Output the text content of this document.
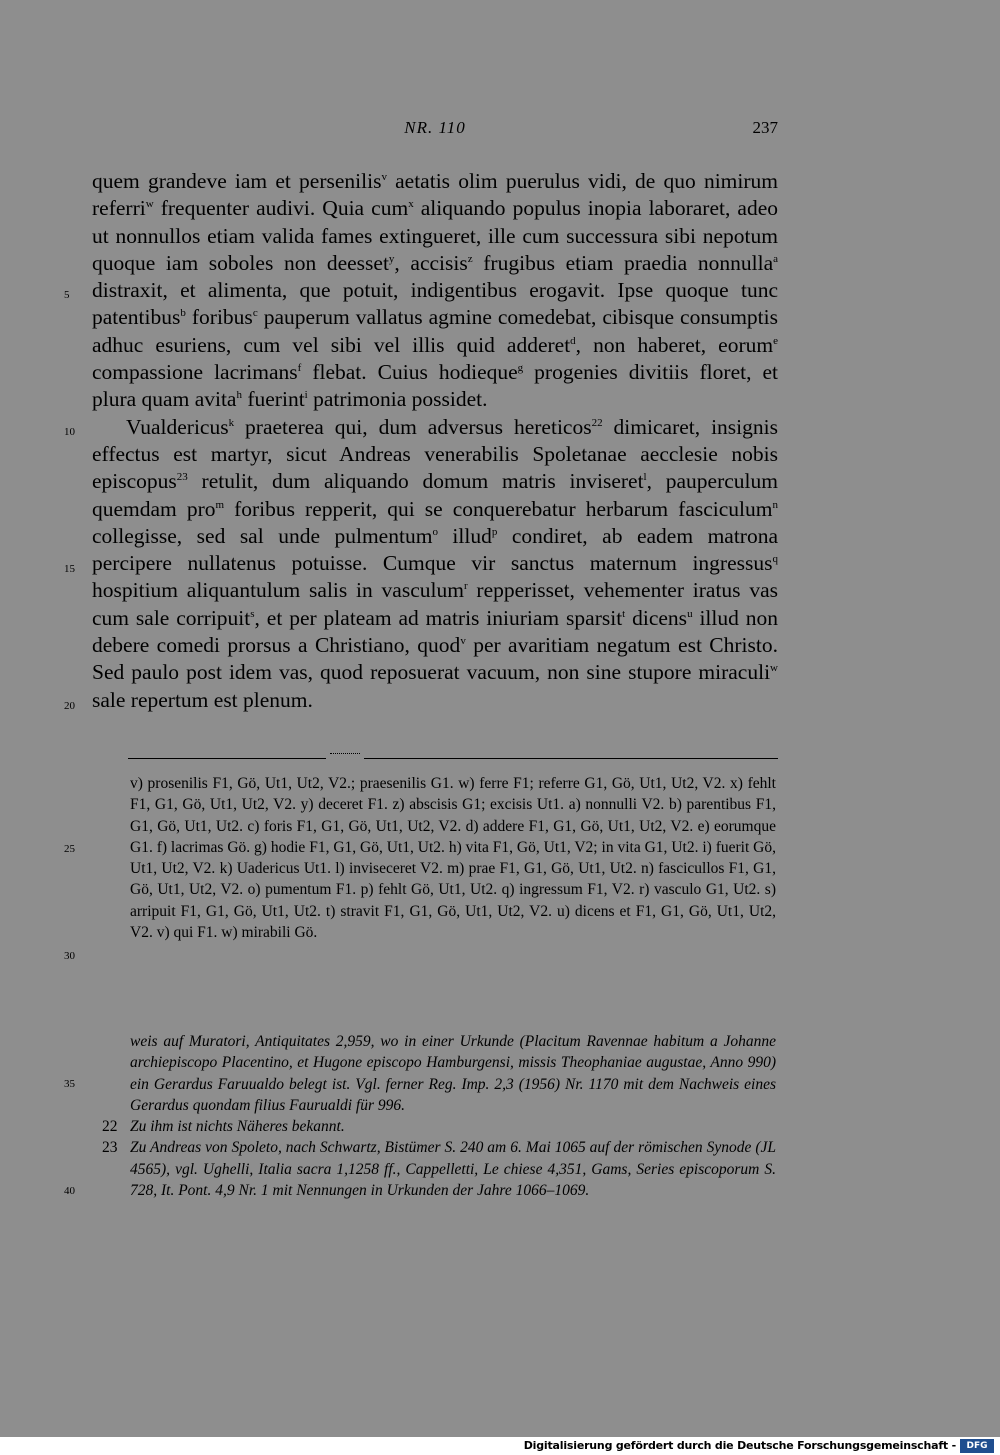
NR. 110	237

quem grandeve iam et persenilis$^v$ aetatis olim puerulus vidi, de quo nimirum referri$^w$ frequenter audivi. Quia cum$^x$ aliquando populus inopia laboraret, adeo ut nonnullos etiam valida fames extingueret, ille cum successura sibi nepotum quoque iam soboles non deesset$^y$, accisis$^z$ frugibus etiam praedia nonnulla$^a$ distraxit, et alimenta, que potuit, indigentibus erogavit. Ipse quoque tunc patentibus$^b$ foribus$^c$ pauperum vallatus agmine comedebat, cibisque consumptis adhuc esuriens, cum vel sibi vel illis quid adderet$^d$, non haberet, eorum$^e$ compassione lacrimans$^f$ flebat. Cuius hodieque$^g$ progenies divitiis floret, et plura quam avita$^h$ fuerint$^i$ patrimonia possidet.

Vualdericus$^k$ praeterea qui, dum adversus hereticos$^{22}$ dimicaret, insignis effectus est martyr, sicut Andreas venerabilis Spoletanae aecclesie nobis episcopus$^{23}$ retulit, dum aliquando domum matris inviseret$^l$, pauperculum quemdam pro$^m$ foribus repperit, qui se conquerebatur herbarum fasciculum$^n$ collegisse, sed sal unde pulmentum$^o$ illud$^p$ condiret, ab eadem matrona percipere nullatenus potuisse. Cumque vir sanctus maternum ingressus$^q$ hospitium aliquantulum salis in vasculum$^r$ repperisset, vehementer iratus vas cum sale corripuit$^s$, et per plateam ad matris iniuriam sparsit$^t$ dicens$^u$ illud non debere comedi prorsus a Christiano, quod$^v$ per avaritiam negatum est Christo. Sed paulo post idem vas, quod reposuerat vacuum, non sine stupore miraculi$^w$ sale repertum est plenum.

5
10
15
20
25
30
35
40

v) prosenilis F1, Gö, Ut1, Ut2, V2.; praesenilis G1. w) ferre F1; referre G1, Gö, Ut1, Ut2, V2. x) fehlt F1, G1, Gö, Ut1, Ut2, V2. y) deceret F1. z) abscisis G1; excisis Ut1. a) nonnulli V2. b) parentibus F1, G1, Gö, Ut1, Ut2. c) foris F1, G1, Gö, Ut1, Ut2, V2. d) addere F1, G1, Gö, Ut1, Ut2, V2. e) eorumque G1. f) lacrimas Gö. g) hodie F1, G1, Gö, Ut1, Ut2. h) vita F1, Gö, Ut1, V2; in vita G1, Ut2. i) fuerit Gö, Ut1, Ut2, V2. k) Uadericus Ut1. l) inviseceret V2. m) prae F1, G1, Gö, Ut1, Ut2. n) fascicullos F1, G1, Gö, Ut1, Ut2, V2. o) pumentum F1. p) fehlt Gö, Ut1, Ut2. q) ingressum F1, V2. r) vasculo G1, Ut2. s) arripuit F1, G1, Gö, Ut1, Ut2. t) stravit F1, G1, Gö, Ut1, Ut2, V2. u) dicens et F1, G1, Gö, Ut1, Ut2, V2. v) qui F1. w) mirabili Gö.

weis auf Muratori, Antiquitates 2,959, wo in einer Urkunde (Placitum Ravennae habitum a Johanne archiepiscopo Placentino, et Hugone episcopo Hamburgensi, missis Theophaniae augustae, Anno 990) ein Gerardus Faruualdo belegt ist. Vgl. ferner Reg. Imp. 2,3 (1956) Nr. 1170 mit dem Nachweis eines Gerardus quondam filius Faurualdi für 996.

22 Zu ihm ist nichts Näheres bekannt.

23 Zu Andreas von Spoleto, nach Schwartz, Bistümer S. 240 am 6. Mai 1065 auf der römischen Synode (JL 4565), vgl. Ughelli, Italia sacra 1,1258 ff., Cappelletti, Le chiese 4,351, Gams, Series episcoporum S. 728, It. Pont. 4,9 Nr. 1 mit Nennungen in Urkunden der Jahre 1066–1069.

Digitalisierung gefördert durch die Deutsche Forschungsgemeinschaft -	DFG
